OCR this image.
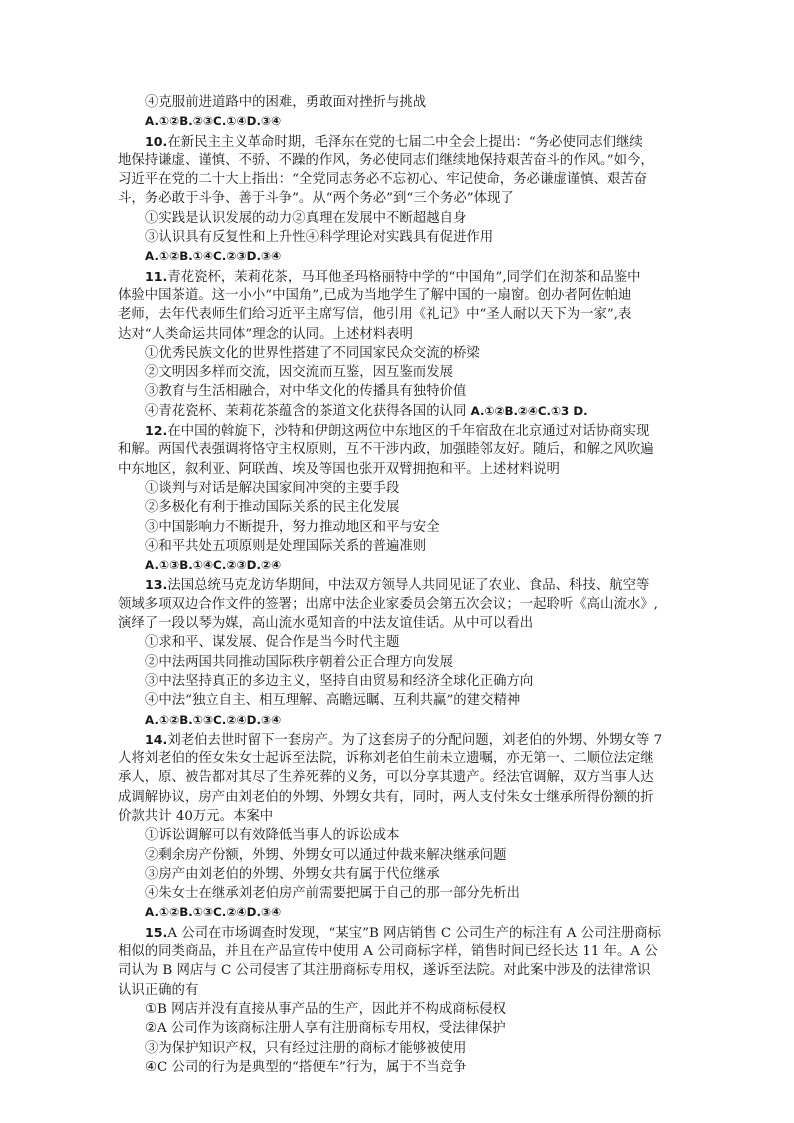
④克服前进道路中的困难，勇敢面对挫折与挑战
A.①②B.②③C.①④D.③④
10.在新民主主义革命时期，毛泽东在党的七届二中全会上提出：“务必使同志们继续
地保持谦虚、谨慎、不骄、不躁的作风，务必使同志们继续地保持艰苦奋斗的作风。”如今，
习近平在党的二十大上指出：“全党同志务必不忘初心、牢记使命，务必谦虚谨慎、艰苦奋
斗，务必敢于斗争、善于斗争”。从“两个务必”到“三个务必”体现了
①实践是认识发展的动力②真理在发展中不断超越自身
③认识具有反复性和上升性④科学理论对实践具有促进作用
A.①②B.①④C.②③D.③④
11.青花瓷杯，茉莉花茶，马耳他圣玛格丽特中学的“中国角”,同学们在沏茶和品鉴中
体验中国茶道。这一小小“中国角”,已成为当地学生了解中国的一扇窗。创办者阿佐帕迪
老师，去年代表师生们给习近平主席写信，他引用《礼记》中“圣人耐以天下为一家”,表
达对“人类命运共同体”理念的认同。上述材料表明
①优秀民族文化的世界性搭建了不同国家民众交流的桥梁
②文明因多样而交流，因交流而互鉴，因互鉴而发展
③教育与生活相融合，对中华文化的传播具有独特价值
④青花瓷杯、茉莉花茶蕴含的茶道文化获得各国的认同 A.①②B.②④C.①3 D.
12.在中国的斡旋下，沙特和伊朗这两位中东地区的千年宿敌在北京通过对话协商实现
和解。两国代表强调将恪守主权原则，互不干涉内政，加强睦邻友好。随后，和解之风吹遍
中东地区，叙利亚、阿联酋、埃及等国也张开双臂拥抱和平。上述材料说明
①谈判与对话是解决国家间冲突的主要手段
②多极化有利于推动国际关系的民主化发展
③中国影响力不断提升，努力推动地区和平与安全
④和平共处五项原则是处理国际关系的普遍准则
A.①③B.①④C.②③D.②④
13.法国总统马克龙访华期间，中法双方领导人共同见证了农业、食品、科技、航空等
领域多项双边合作文件的签署；出席中法企业家委员会第五次会议；一起聆听《高山流水》,
演绎了一段以琴为媒，高山流水觅知音的中法友谊佳话。从中可以看出
①求和平、谋发展、促合作是当今时代主题
②中法两国共同推动国际秩序朝着公正合理方向发展
③中法坚持真正的多边主义，坚持自由贸易和经济全球化正确方向
④中法“独立自主、相互理解、高瞻远瞩、互利共赢”的建交精神
A.①②B.①③C.②④D.③④
14.刘老伯去世时留下一套房产。为了这套房子的分配问题，刘老伯的外甥、外甥女等 7
人将刘老伯的侄女朱女士起诉至法院，诉称刘老伯生前未立遗嘱，亦无第一、二顺位法定继
承人，原、被告都对其尽了生养死葬的义务，可以分享其遗产。经法官调解，双方当事人达
成调解协议，房产由刘老伯的外甥、外甥女共有，同时，两人支付朱女士继承所得份额的折
价款共计 40万元。本案中
①诉讼调解可以有效降低当事人的诉讼成本
②剩余房产份额，外甥、外甥女可以通过仲裁来解决继承问题
③房产由刘老伯的外甥、外甥女共有属于代位继承
④朱女士在继承刘老伯房产前需要把属于自己的那一部分先析出
A.①②B.①③C.②④D.③④
15.A 公司在市场调查时发现，“某宝”B 网店销售 C 公司生产的标注有 A 公司注册商标
相似的同类商品，并且在产品宣传中使用 A 公司商标字样，销售时间已经长达 11 年。A 公
司认为 B 网店与 C 公司侵害了其注册商标专用权，遂诉至法院。对此案中涉及的法律常识
认识正确的有
①B 网店并没有直接从事产品的生产，因此并不构成商标侵权
②A 公司作为该商标注册人享有注册商标专用权，受法律保护
③为保护知识产权，只有经过注册的商标才能够被使用
④C 公司的行为是典型的“搭便车”行为，属于不当竞争
